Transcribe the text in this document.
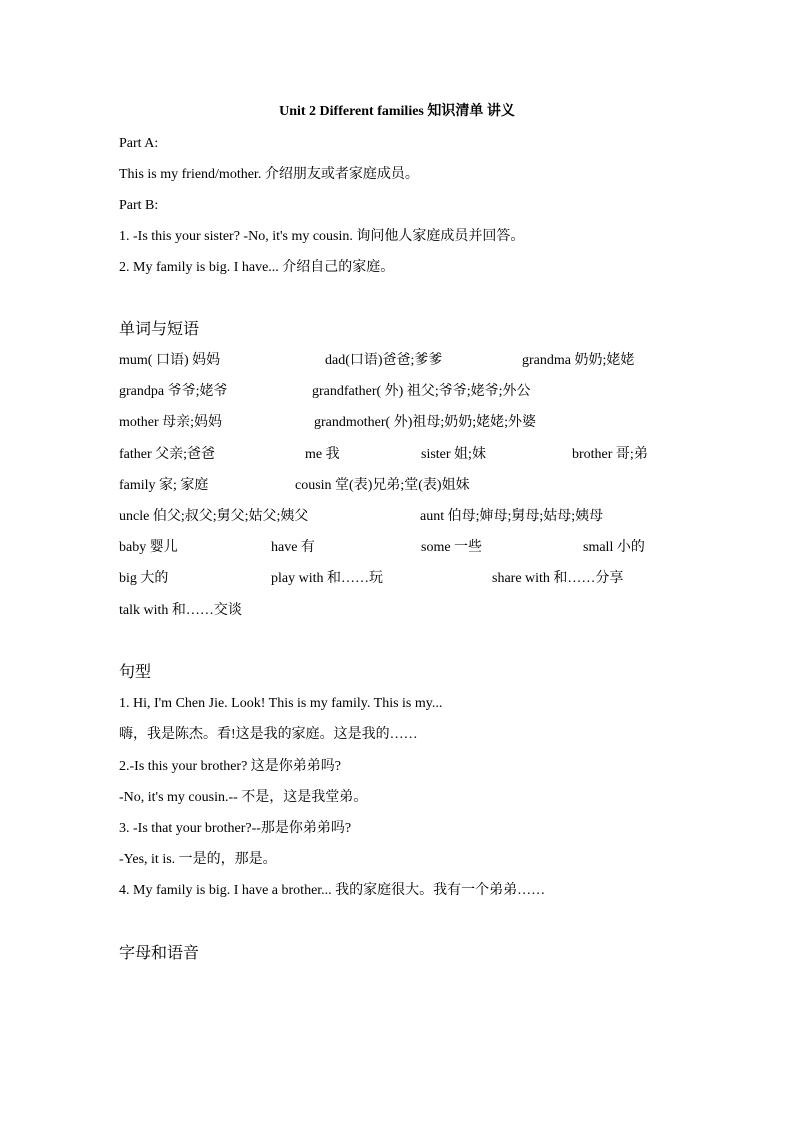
Unit 2 Different families 知识清单 讲义
Part A:
This is my friend/mother. 介绍朋友或者家庭成员。
Part B:
1. -Is this your sister? -No, it's my cousin. 询问他人家庭成员并回答。
2. My family is big. I have... 介绍自己的家庭。
单词与短语
mum( 口语) 妈妈	dad(口语)爸爸;爹爹	grandma 奶奶;姥姥
grandpa 爷爷;姥爷	grandfather( 外) 祖父;爷爷;姥爷;外公
mother 母亲;妈妈	grandmother( 外)祖母;奶奶;姥姥;外婆
father 父亲;爸爸	me 我	sister 姐;妹	brother 哥;弟
family 家; 家庭	cousin 堂(表)兄弟;堂(表)姐妹
uncle 伯父;叔父;舅父;姑父;姨父	aunt 伯母;婶母;舅母;姑母;姨母
baby 婴儿	have 有	some 一些	small 小的
big 大的	play with 和……玩	share with 和……分享
talk with 和……交谈
句型
1. Hi, I'm Chen Jie. Look! This is my family. This is my...
嗨，我是陈杰。看!这是我的家庭。这是我的……
2.-Is this your brother? 这是你弟弟吗?
-No, it's my cousin.-- 不是，这是我堂弟。
3. -Is that your brother?--那是你弟弟吗?
-Yes, it is. 一是的，那是。
4. My family is big. I have a brother... 我的家庭很大。我有一个弟弟……
字母和语音
